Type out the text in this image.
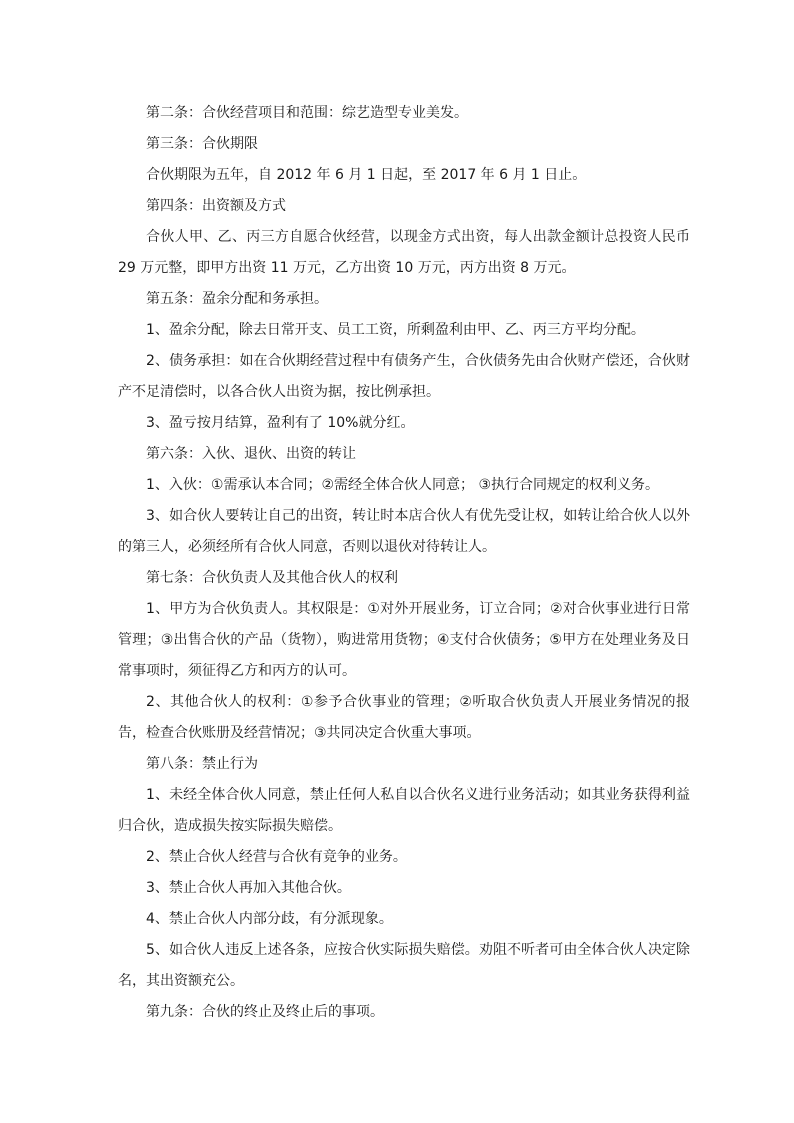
第二条：合伙经营项目和范围：综艺造型专业美发。

第三条：合伙期限

合伙期限为五年，自 2012 年 6 月 1 日起，至 2017 年 6 月 1 日止。

第四条：出资额及方式

合伙人甲、乙、丙三方自愿合伙经营，以现金方式出资，每人出款金额计总投资人民币 29 万元整，即甲方出资 11 万元，乙方出资 10 万元，丙方出资 8 万元。

第五条：盈余分配和务承担。

1、盈余分配，除去日常开支、员工工资，所剩盈利由甲、乙、丙三方平均分配。

2、债务承担：如在合伙期经营过程中有债务产生，合伙债务先由合伙财产偿还，合伙财产不足清偿时，以各合伙人出资为据，按比例承担。

3、盈亏按月结算，盈利有了 10%就分红。

第六条：入伙、退伙、出资的转让

1、入伙：①需承认本合同；②需经全体合伙人同意； ③执行合同规定的权利义务。

3、如合伙人要转让自己的出资，转让时本店合伙人有优先受让权，如转让给合伙人以外的第三人，必须经所有合伙人同意，否则以退伙对待转让人。

第七条：合伙负责人及其他合伙人的权利

1、甲方为合伙负责人。其权限是：①对外开展业务，订立合同；②对合伙事业进行日常管理；③出售合伙的产品（货物），购进常用货物；④支付合伙债务；⑤甲方在处理业务及日常事项时，须征得乙方和丙方的认可。

2、其他合伙人的权利：①参予合伙事业的管理；②听取合伙负责人开展业务情况的报告，检查合伙账册及经营情况；③共同决定合伙重大事项。

第八条：禁止行为

1、未经全体合伙人同意，禁止任何人私自以合伙名义进行业务活动；如其业务获得利益归合伙，造成损失按实际损失赔偿。

2、禁止合伙人经营与合伙有竞争的业务。

3、禁止合伙人再加入其他合伙。

4、禁止合伙人内部分歧，有分派现象。

5、如合伙人违反上述各条，应按合伙实际损失赔偿。劝阻不听者可由全体合伙人决定除名，其出资额充公。

第九条：合伙的终止及终止后的事项。
